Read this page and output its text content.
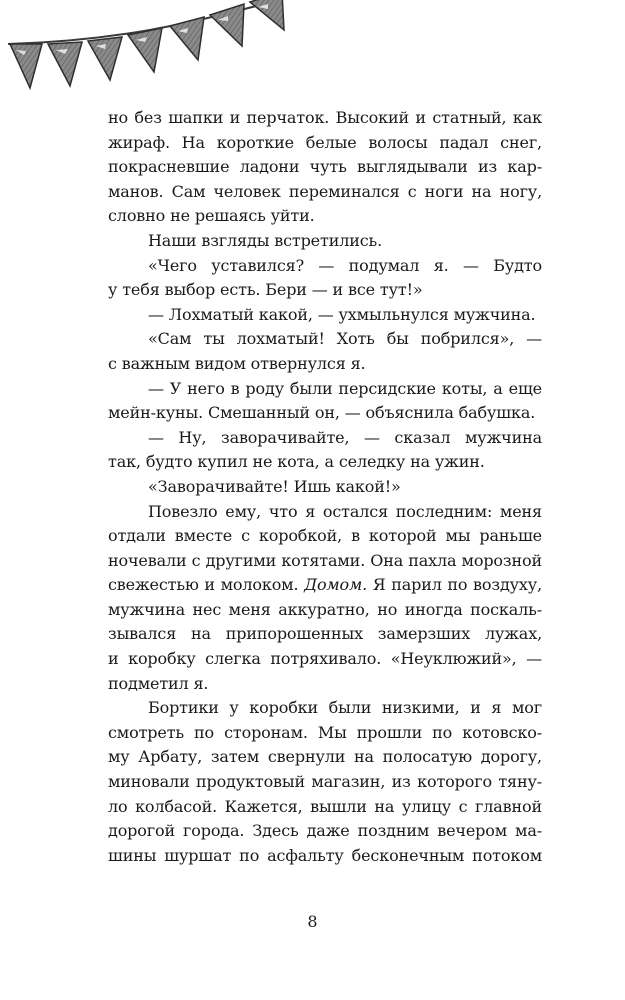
но без шапки и перчаток. Высокий и статный, как
жираф. На короткие белые волосы падал снег,
покрасневшие ладони чуть выглядывали из кар-
манов. Сам человек переминался с ноги на ногу,
словно не решаясь уйти.
Наши взгляды встретились.
«Чего уставился? — подумал я. — Будто
у тебя выбор есть. Бери — и все тут!»
— Лохматый какой, — ухмыльнулся мужчина.
«Сам ты лохматый! Хоть бы побрился», —
с важным видом отвернулся я.
— У него в роду были персидские коты, а еще
мейн-куны. Смешанный он, — объяснила бабушка.
— Ну, заворачивайте, — сказал мужчина
так, будто купил не кота, а селедку на ужин.
«Заворачивайте! Ишь какой!»
Повезло ему, что я остался последним: меня
отдали вместе с коробкой, в которой мы раньше
ночевали с другими котятами. Она пахла морозной
свежестью и молоком. Домом. Я парил по воздуху,
мужчина нес меня аккуратно, но иногда поскаль-
зывался на припорошенных замерзших лужах,
и коробку слегка потряхивало. «Неуклюжий», —
подметил я.
Бортики у коробки были низкими, и я мог
смотреть по сторонам. Мы прошли по котовско-
му Арбату, затем свернули на полосатую дорогу,
миновали продуктовый магазин, из которого тяну-
ло колбасой. Кажется, вышли на улицу с главной
дорогой города. Здесь даже поздним вечером ма-
шины шуршат по асфальту бесконечным потоком
8
